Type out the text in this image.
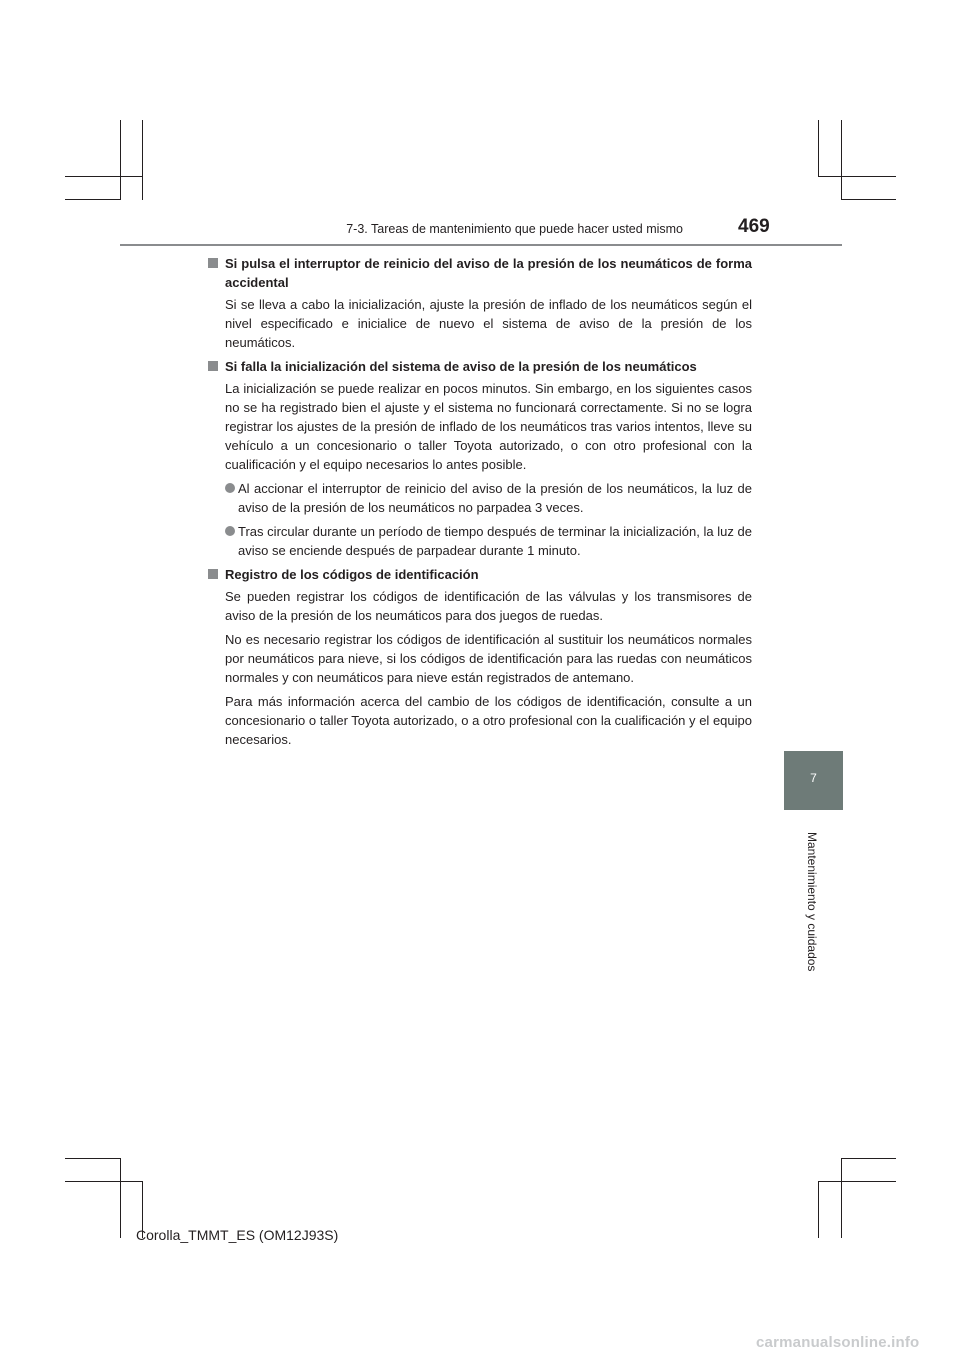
7-3. Tareas de mantenimiento que puede hacer usted mismo	469
7
Mantenimiento y cuidados
Si pulsa el interruptor de reinicio del aviso de la presión de los neumáticos de forma accidental

Si se lleva a cabo la inicialización, ajuste la presión de inflado de los neumáticos según el nivel especificado e inicialice de nuevo el sistema de aviso de la presión de los neumáticos.

Si falla la inicialización del sistema de aviso de la presión de los neumáticos

La inicialización se puede realizar en pocos minutos. Sin embargo, en los siguientes casos no se ha registrado bien el ajuste y el sistema no funcionará correctamente. Si no se logra registrar los ajustes de la presión de inflado de los neumáticos tras varios intentos, lleve su vehículo a un concesionario o taller Toyota autorizado, o con otro profesional con la cualificación y el equipo necesarios lo antes posible.

Al accionar el interruptor de reinicio del aviso de la presión de los neumáticos, la luz de aviso de la presión de los neumáticos no parpadea 3 veces.
Tras circular durante un período de tiempo después de terminar la inicialización, la luz de aviso se enciende después de parpadear durante 1 minuto.
Registro de los códigos de identificación

Se pueden registrar los códigos de identificación de las válvulas y los transmisores de aviso de la presión de los neumáticos para dos juegos de ruedas.

No es necesario registrar los códigos de identificación al sustituir los neumáticos normales por neumáticos para nieve, si los códigos de identificación para las ruedas con neumáticos normales y con neumáticos para nieve están registrados de antemano.

Para más información acerca del cambio de los códigos de identificación, consulte a un concesionario o taller Toyota autorizado, o a otro profesional con la cualificación y el equipo necesarios.

Corolla_TMMT_ES (OM12J93S)
carmanualsonline.info
